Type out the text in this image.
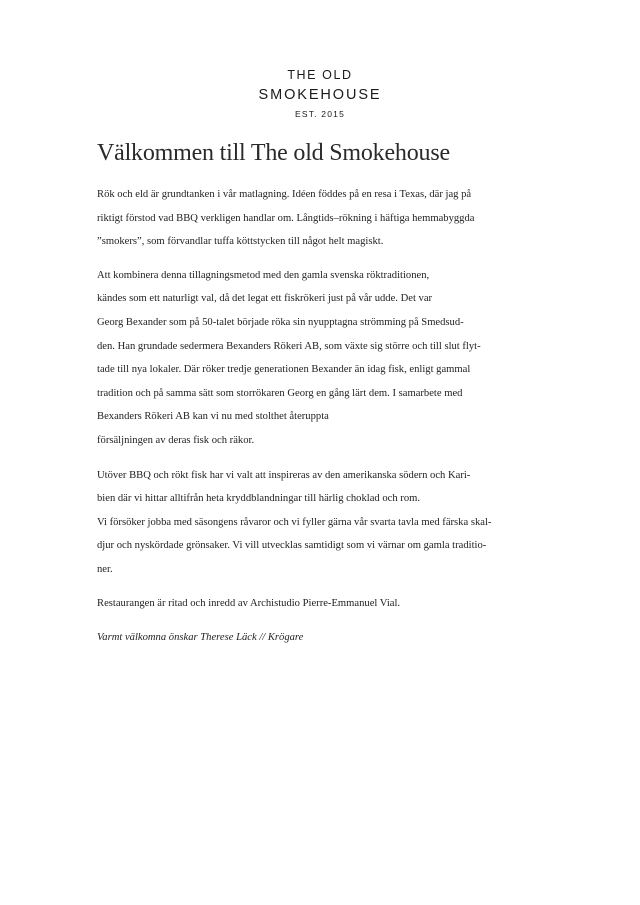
THE OLD
SMOKEHOUSE
EST. 2015
Välkommen till The old Smokehouse
Rök och eld är grundtanken i vår matlagning. Idéen föddes på en resa i Texas, där jag på
riktigt förstod vad BBQ verkligen handlar om. Långtids–rökning i häftiga hemmabyggda
”smokers”, som förvandlar tuffa köttstycken till något helt magiskt.
Att kombinera denna tillagningsmetod med den gamla svenska röktraditionen,
kändes som ett naturligt val, då det legat ett fiskrökeri just på vår udde. Det var
Georg Bexander som på 50-talet började röka sin nyupptagna strömming på Smedsud-
den. Han grundade sedermera Bexanders Rökeri AB, som växte sig större och till slut flyt-
tade till nya lokaler. Där röker tredje generationen Bexander än idag fisk, enligt gammal
tradition och på samma sätt som storrökaren Georg en gång lärt dem. I samarbete med
Bexanders Rökeri AB kan vi nu med stolthet återuppta
försäljningen av deras fisk och räkor.
Utöver BBQ och rökt fisk har vi valt att inspireras av den amerikanska södern och Kari-
bien där vi hittar alltifrån heta kryddblandningar till härlig choklad och rom.
Vi försöker jobba med säsongens råvaror och vi fyller gärna vår svarta tavla med färska skal-
djur och nyskördade grönsaker. Vi vill utvecklas samtidigt som vi värnar om gamla traditio-
ner.
Restaurangen är ritad och inredd av Archistudio Pierre-Emmanuel Vial.
Varmt välkomna önskar Therese Läck // Krögare
